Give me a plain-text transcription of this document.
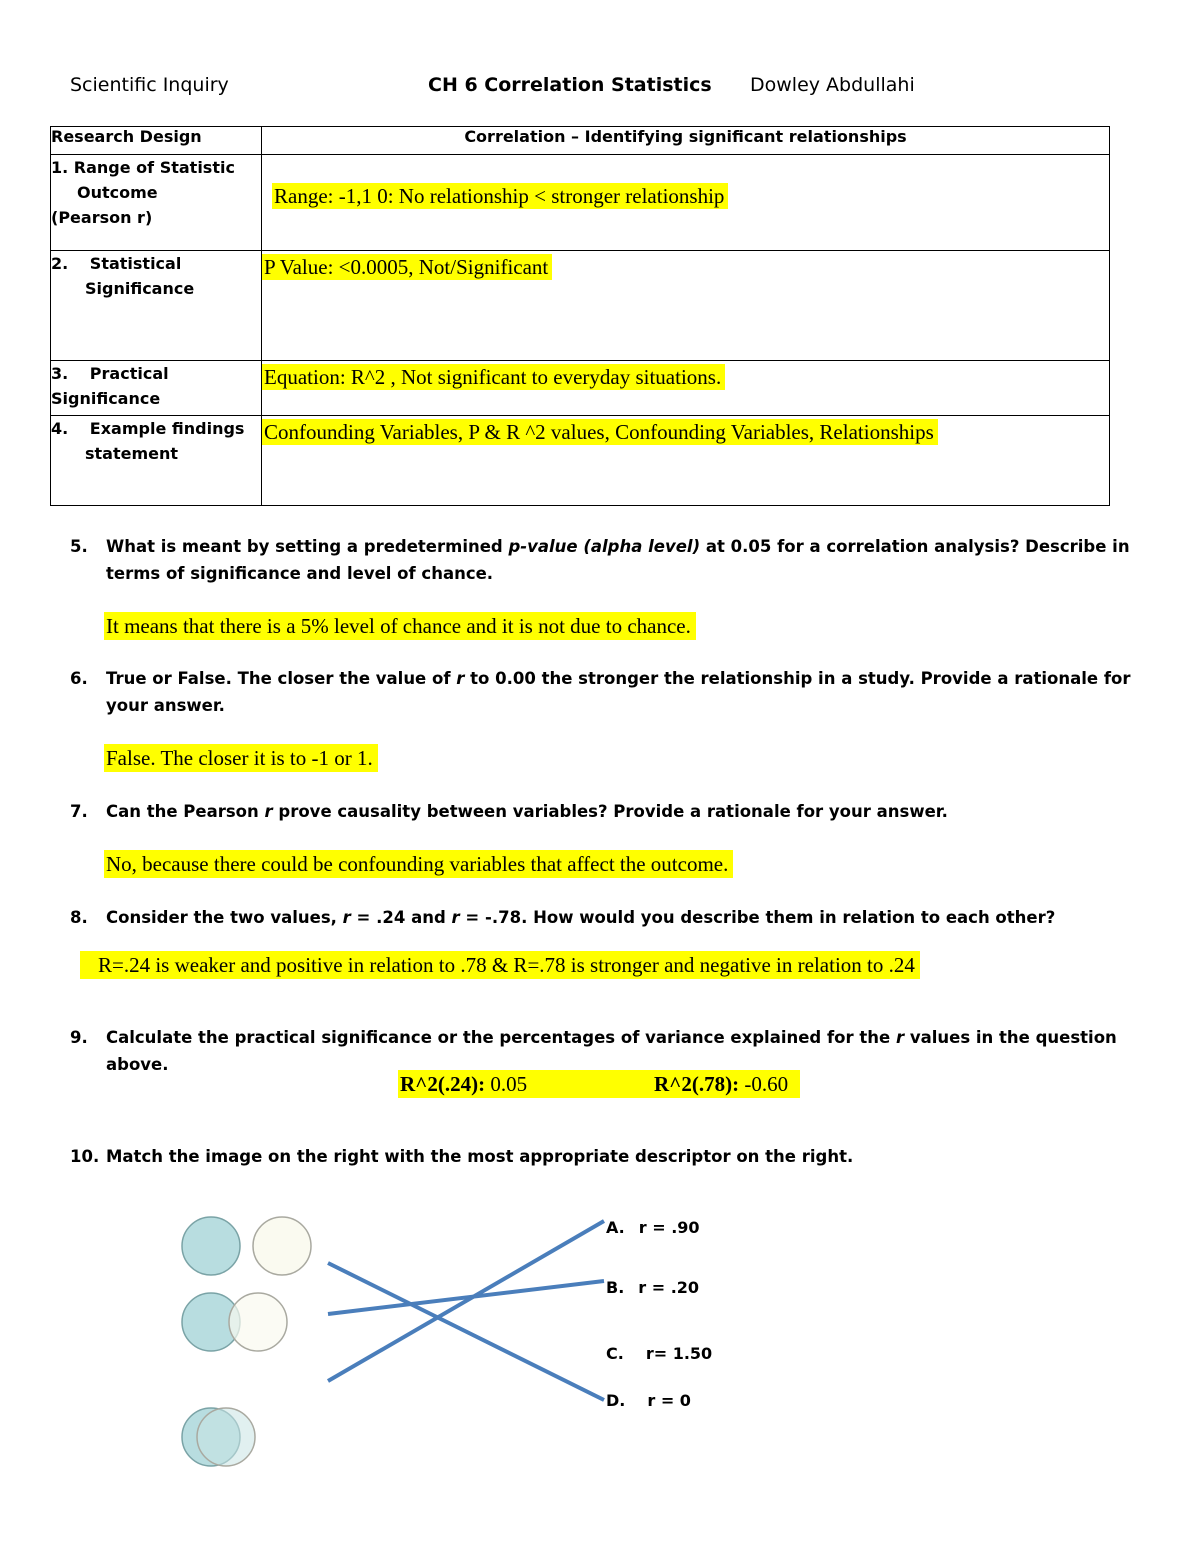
Scientific Inquiry	CH 6 Correlation Statistics Dowley Abdullahi
Research Design	Correlation – Identifying significant relationships
1. Range of Statistic
Outcome
(Pearson r)	Range: -1,1 0: No relationship < stronger relationship
2. Statistical
Significance	P Value: <0.0005, Not/Significant
3. Practical
Significance	Equation: R^2 , Not significant to everyday situations.
4. Example findings
statement	Confounding Variables, P & R ^2 values, Confounding Variables, Relationships
5. What is meant by setting a predetermined p-value (alpha level) at 0.05 for a correlation analysis? Describe in terms of significance and level of chance.
It means that there is a 5% level of chance and it is not due to chance.
6. True or False. The closer the value of r to 0.00 the stronger the relationship in a study. Provide a rationale for your answer.
False. The closer it is to -1 or 1.
7. Can the Pearson r prove causality between variables? Provide a rationale for your answer.
No, because there could be confounding variables that affect the outcome.
8. Consider the two values, r = .24 and r = -.78. How would you describe them in relation to each other?
R=.24 is weaker and positive in relation to .78 & R=.78 is stronger and negative in relation to .24
9. Calculate the practical significance or the percentages of variance explained for the r values in the question above.
R^2(.24): 0.05	R^2(.78): -0.60
10. Match the image on the right with the most appropriate descriptor on the right.
A. r = .90
B. r = .20
C. r= 1.50
D. r = 0
